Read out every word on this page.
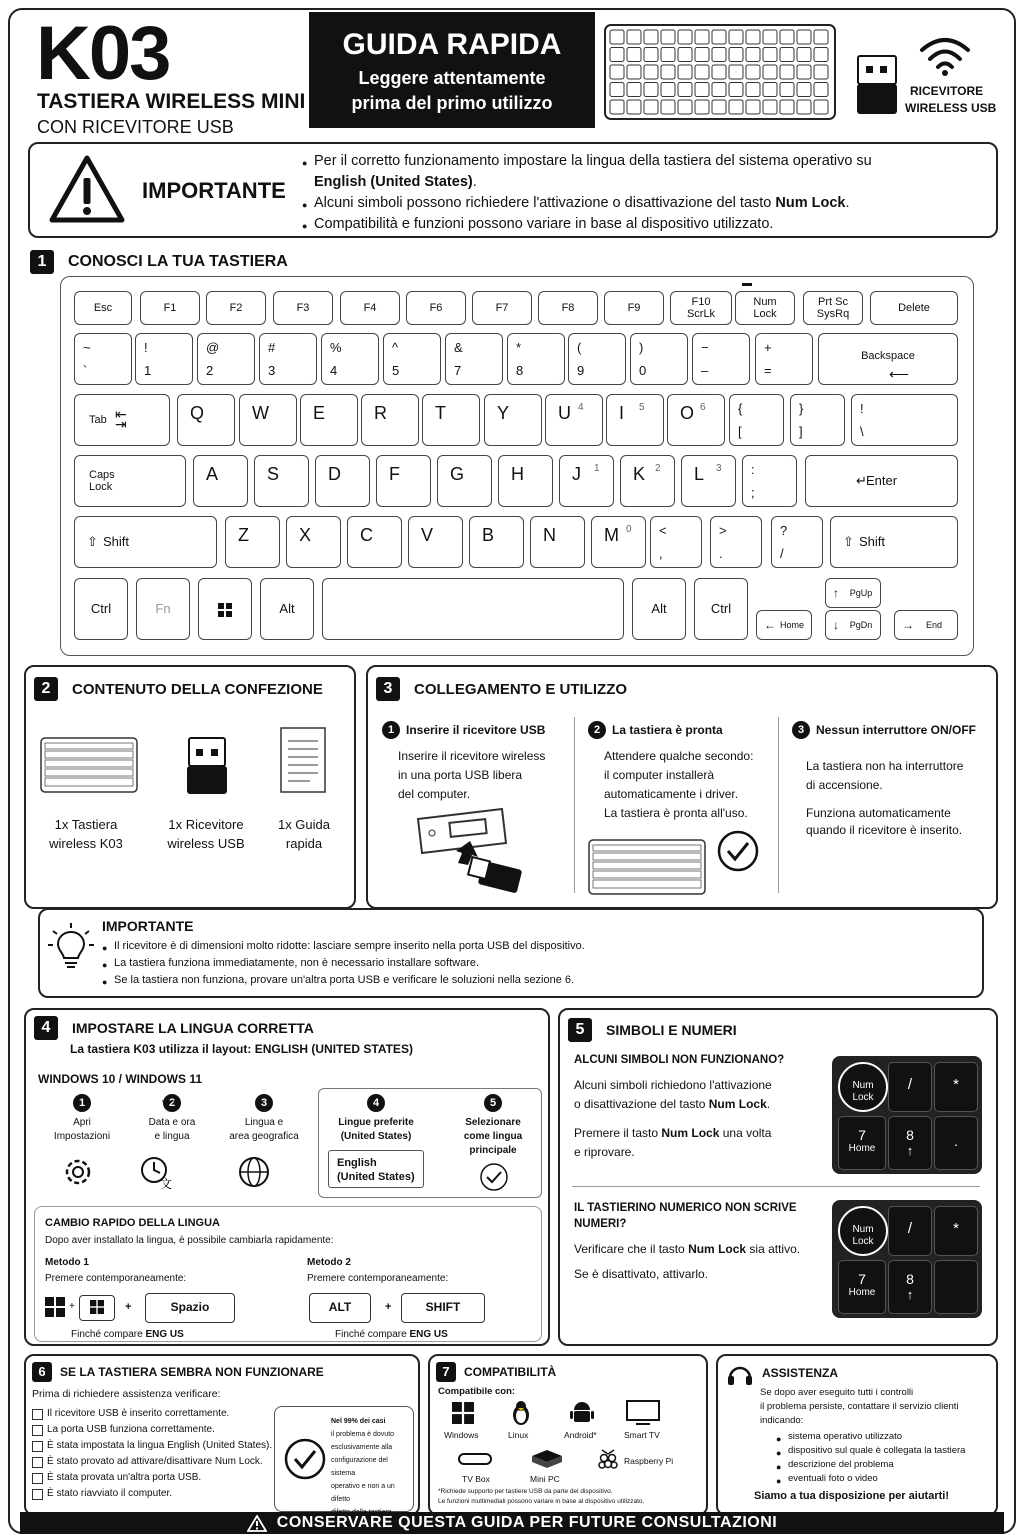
K03
TASTIERA WIRELESS MINI
CON RICEVITORE USB
GUIDA RAPIDA
Leggere attentamente
prima del primo utilizzo
RICEVITORE
WIRELESS USB
IMPORTANTE
● Per il corretto funzionamento impostare la lingua della tastiera del sistema operativo su
English (United States).
● Alcuni simboli possono richiedere l'attivazione o disattivazione del tasto Num Lock.
● Compatibilità e funzioni possono variare in base al dispositivo utilizzato.
1	CONOSCI LA TUA TASTIERA
Esc	F1	F2	F3	F4	F6	F7	F8	F9	F10
ScrLk
Num
Lock
Prt Sc
SysRq	Delete
~
`
!
1
@
2
#
3
%
4
^
5
&
7
*
8
(
9
)
0
−
–
+
=
Backspace
⟵
Tab ⇤
⇥
Q	W E	R	T	Y	U 4 I 5 O 6 {
[
}
]
!
\
Caps
Lock
A	S	D	F	G	H	J 1 K 2 L 3 :
;
Enter
↵
⇧ Shift	Z	X	C	V	B	N	M 0 <
,
>
.
?
/
⇧ Shift
Ctrl	Fn	Alt	Alt	Ctrl
PgUp
↑
Home
←	PgDn
↓	End
→
2	CONTENUTO DELLA CONFEZIONE
1x Tastiera
wireless K03
1x Ricevitore
wireless USB
1x Guida
rapida
3	COLLEGAMENTO E UTILIZZO
1 Inserire il ricevitore USB
Inserire il ricevitore wireless
in una porta USB libera
del computer.
2 La tastiera è pronta
Attendere qualche secondo:
il computer installerà
automaticamente i driver.
La tastiera è pronta all'uso.
3 Nessun interruttore ON/OFF
La tastiera non ha interruttore
di accensione.
Funziona automaticamente
quando il ricevitore è inserito.
IMPORTANTE
● Il ricevitore è di dimensioni molto ridotte: lasciare sempre inserito nella porta USB del dispositivo.
● La tastiera funziona immediatamente, non è necessario installare software.
● Se la tastiera non funziona, provare un'altra porta USB e verificare le soluzioni nella sezione 6.
4	IMPOSTARE LA LINGUA CORRETTA
La tastiera K03 utilizza il layout: ENGLISH (UNITED STATES)
WINDOWS 10 / WINDOWS 11
English
(United States)
CAMBIO RAPIDO DELLA LINGUA
Dopo aver installato la lingua, è possibile cambiarla rapidamente:
Metodo 1
Premere contemporaneamente:
+	+	Spazio
Finché compare ENG US
Metodo 2
Premere contemporaneamente:
ALT	+	SHIFT
Finché compare ENG US
1
Apri
Impostazioni
2
Data e ora
e lingua
3
Lingua e
area geografica
4
Lingue preferite
(United States)
5
Selezionare
come lingua
principale
文
5	SIMBOLI E NUMERI
ALCUNI SIMBOLI NON FUNZIONANO?
Alcuni simboli richiedono l'attivazione
o disattivazione del tasto Num Lock.
Premere il tasto Num Lock una volta
e riprovare.
IL TASTIERINO NUMERICO NON SCRIVE
NUMERI?
Verificare che il tasto Num Lock sia attivo.
Se è disattivato, attivarlo.
Num
Lock
/	*
7
Home
8
↑
.
Num
Lock
/	*
7
Home
8
↑
6	SE LA TASTIERA SEMBRA NON FUNZIONARE
Prima di richiedere assistenza verificare:
Il ricevitore USB è inserito correttamente.
La porta USB funziona correttamente.
È stata impostata la lingua English (United States).
È stato provato ad attivare/disattivare Num Lock.
È stata provata un'altra porta USB.
È stato riavviato il computer.
Nel 99% dei casi
il problema è dovuto
esclusivamente alla
configurazione del sistema
operativo e non a un difetto
7	COMPATIBILITÀ
Compatibile con:
Windows	Linux	Android*	Smart TV
TV Box	Mini PC
Raspberry Pi
*Richiede supporto per tastiere USB da parte del dispositivo.
Le funzioni multimediali possono variare in base al dispositivo utilizzato.
ASSISTENZA
Se dopo aver eseguito tutti i controlli
il problema persiste, contattare il servizio clienti
indicando:
● sistema operativo utilizzato
● dispositivo sul quale è collegata la tastiera
● descrizione del problema
● eventuali foto o video
Siamo a tua disposizione per aiutarti!
CONSERVARE QUESTA GUIDA PER FUTURE CONSULTAZIONI
